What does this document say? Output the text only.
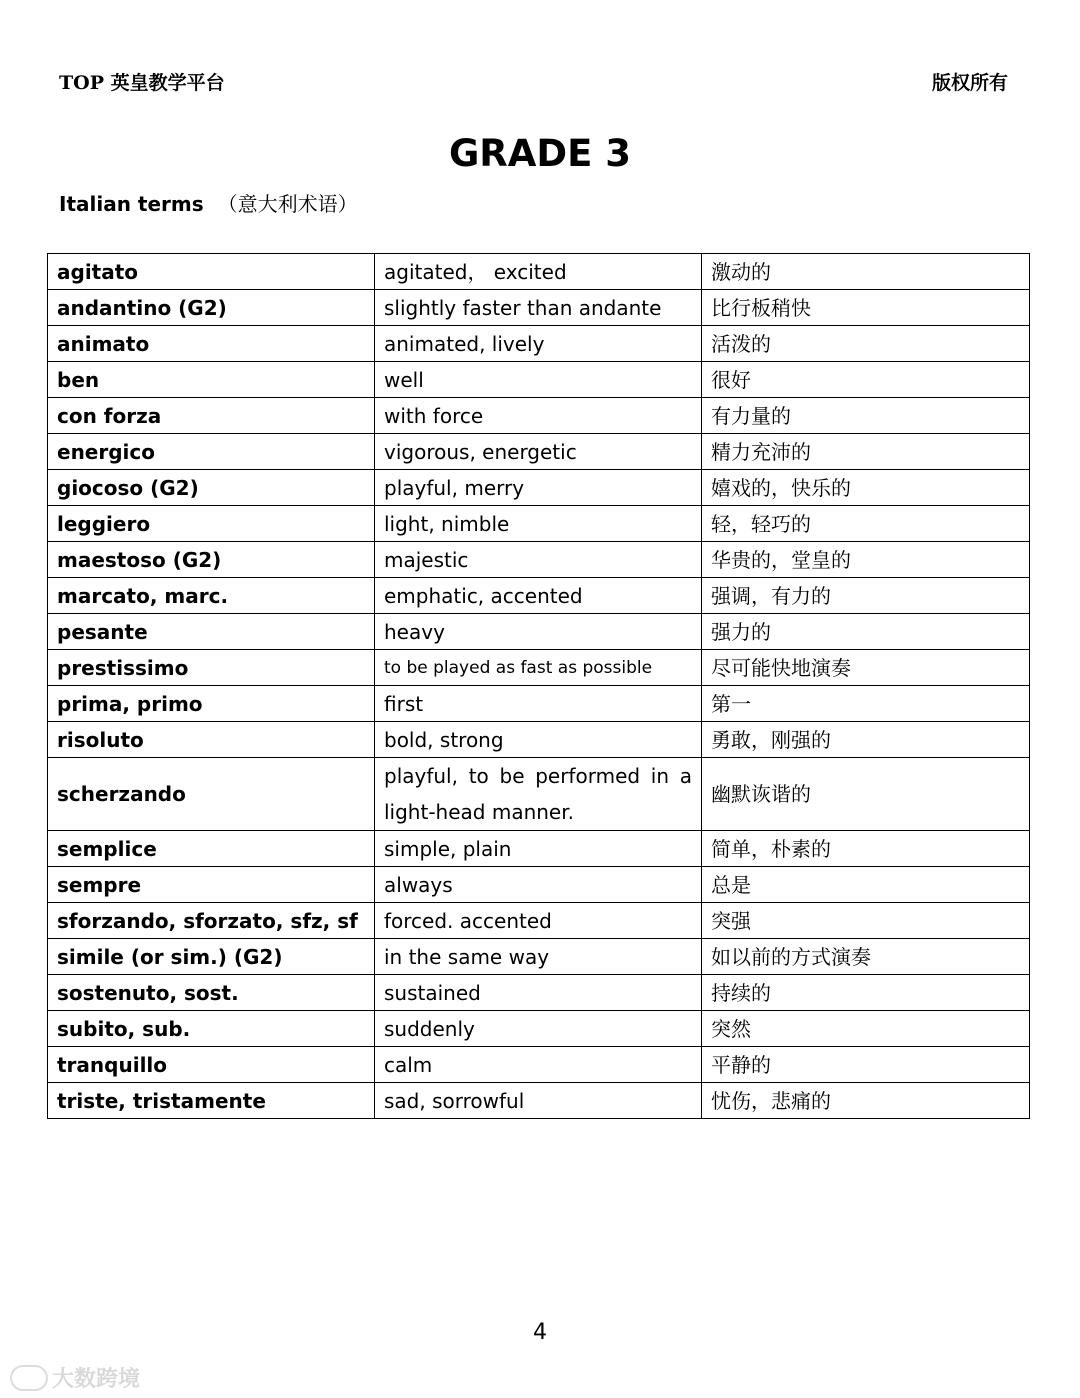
TOP 英皇教学平台	版权所有
GRADE 3
Italian terms （意大利术语）
agitato	agitated， excited	激动的
andantino (G2)	slightly faster than andante	比行板稍快
animato	animated, lively	活泼的
ben	well	很好
con forza	with force	有力量的
energico	vigorous, energetic	精力充沛的
giocoso (G2)	playful, merry	嬉戏的，快乐的
leggiero	light, nimble	轻，轻巧的
maestoso (G2)	majestic	华贵的，堂皇的
marcato, marc.	emphatic, accented	强调，有力的
pesante	heavy	强力的
prestissimo	to be played as fast as possible	尽可能快地演奏
prima, primo	first	第一
risoluto	bold, strong	勇敢，刚强的
scherzando	playful, to be performed in a light-head manner.	幽默诙谐的
semplice	simple, plain	简单，朴素的
sempre	always	总是
sforzando, sforzato, sfz, sf	forced. accented	突强
simile (or sim.) (G2)	in the same way	如以前的方式演奏
sostenuto, sost.	sustained	持续的
subito, sub.	suddenly	突然
tranquillo	calm	平静的
triste, tristamente	sad, sorrowful	忧伤，悲痛的
4
大数跨境
